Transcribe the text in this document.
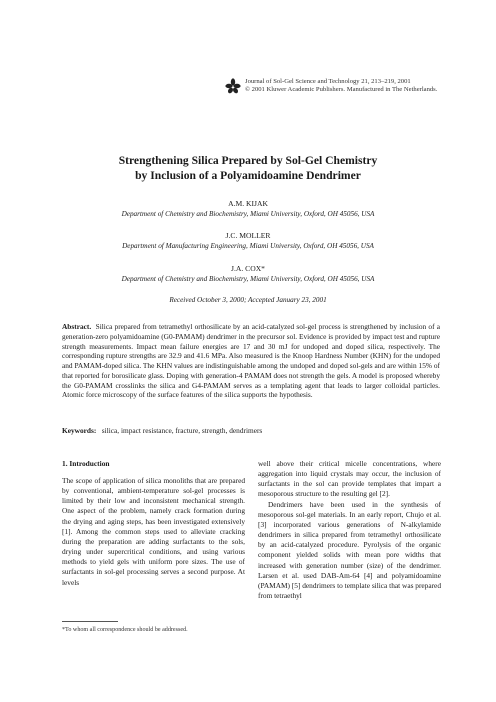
Journal of Sol-Gel Science and Technology 21, 213–219, 2001
© 2001 Kluwer Academic Publishers. Manufactured in The Netherlands.
Strengthening Silica Prepared by Sol-Gel Chemistry
by Inclusion of a Polyamidoamine Dendrimer
A.M. KIJAK
Department of Chemistry and Biochemistry, Miami University, Oxford, OH 45056, USA
J.C. MOLLER
Department of Manufacturing Engineering, Miami University, Oxford, OH 45056, USA
J.A. COX*
Department of Chemistry and Biochemistry, Miami University, Oxford, OH 45056, USA
Received October 3, 2000; Accepted January 23, 2001
Abstract. Silica prepared from tetramethyl orthosilicate by an acid-catalyzed sol-gel process is strengthened by inclusion of a generation-zero polyamidoamine (G0-PAMAM) dendrimer in the precursor sol. Evidence is provided by impact test and rupture strength measurements. Impact mean failure energies are 17 and 30 mJ for undoped and doped silica, respectively. The corresponding rupture strengths are 32.9 and 41.6 MPa. Also measured is the Knoop Hardness Number (KHN) for the undoped and PAMAM-doped silica. The KHN values are indistinguishable among the undoped and doped sol-gels and are within 15% of that reported for borosilicate glass. Doping with generation-4 PAMAM does not strength the gels. A model is proposed whereby the G0-PAMAM crosslinks the silica and G4-PAMAM serves as a templating agent that leads to larger colloidal particles. Atomic force microscopy of the surface features of the silica supports the hypothesis.
Keywords: silica, impact resistance, fracture, strength, dendrimers
1. Introduction

The scope of application of silica monoliths that are prepared by conventional, ambient-temperature sol-gel processes is limited by their low and inconsistent mechanical strength. One aspect of the problem, namely crack formation during the drying and aging steps, has been investigated extensively [1]. Among the common steps used to alleviate cracking during the preparation are adding surfactants to the sols, drying under supercritical conditions, and using various methods to yield gels with uniform pore sizes. The use of surfactants in sol-gel processing serves a second purpose. At levels

well above their critical micelle concentrations, where aggregation into liquid crystals may occur, the inclusion of surfactants in the sol can provide templates that impart a mesoporous structure to the resulting gel [2].

Dendrimers have been used in the synthesis of mesoporous sol-gel materials. In an early report, Chujo et al. [3] incorporated various generations of N-alkylamide dendrimers in silica prepared from tetramethyl orthosilicate by an acid-catalyzed procedure. Pyrolysis of the organic component yielded solids with mean pore widths that increased with generation number (size) of the dendrimer. Larsen et al. used DAB-Am-64 [4] and polyamidoamine (PAMAM) [5] dendrimers to template silica that was prepared from tetraethyl

*To whom all correspondence should be addressed.
